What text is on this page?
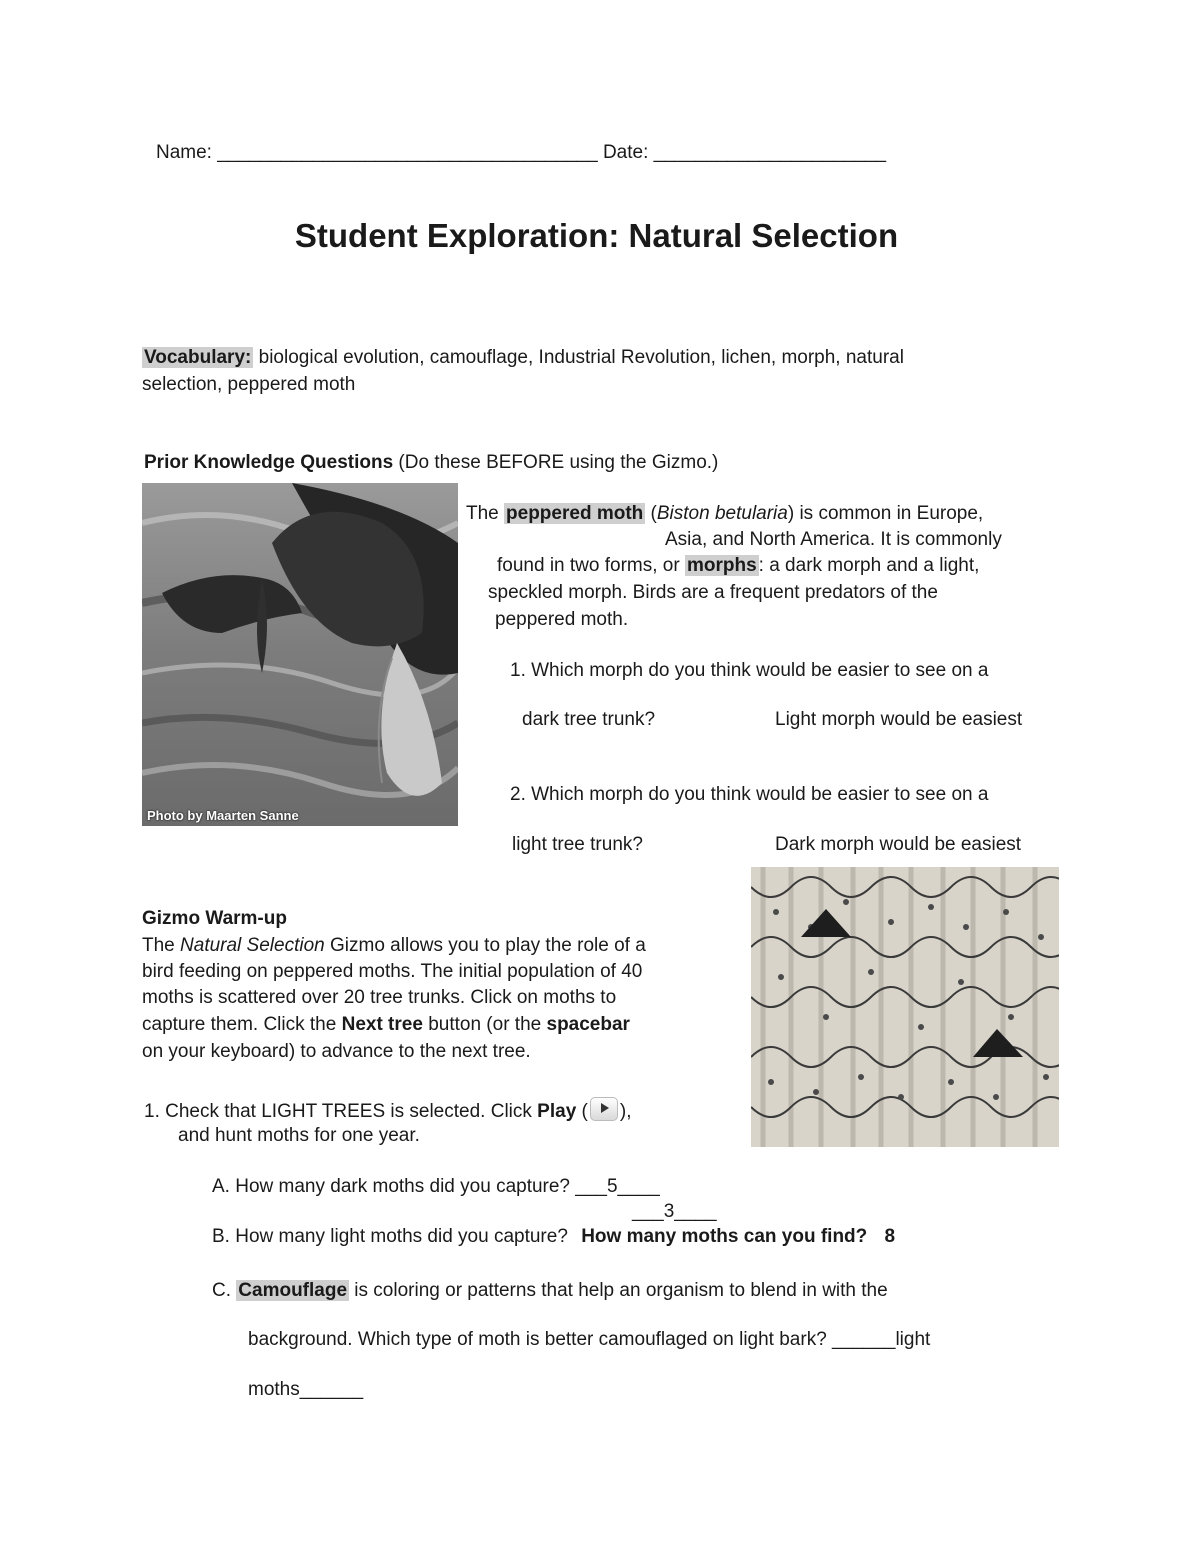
Name: ____________________________________ Date: ______________________
Student Exploration: Natural Selection
Vocabulary: biological evolution, camouflage, Industrial Revolution, lichen, morph, natural
selection, peppered moth
Prior Knowledge Questions (Do these BEFORE using the Gizmo.)
Photo by Maarten Sanne
The peppered moth (Biston betularia) is common in Europe,
Asia, and North America. It is commonly
found in two forms, or morphs : a dark morph and a light,
speckled morph. Birds are a frequent predators of the
peppered moth.
1. Which morph do you think would be easier to see on a
dark tree trunk?	Light morph would be easiest
2. Which morph do you think would be easier to see on a
light tree trunk?	Dark morph would be easiest
Gizmo Warm-up
The Natural Selection Gizmo allows you to play the role of a
bird feeding on peppered moths. The initial population of 40
moths is scattered over 20 tree trunks. Click on moths to
capture them. Click the Next tree button (or the spacebar
on your keyboard) to advance to the next tree.
1. Check that LIGHT TREES is selected. Click Play ( ),
and hunt moths for one year.
A. How many dark moths did you capture? ___5____
___3____
B. How many light moths did you capture? How many moths can you find? 8
C. Camouflage is coloring or patterns that help an organism to blend in with the
background. Which type of moth is better camouflaged on light bark? ______light
moths______
